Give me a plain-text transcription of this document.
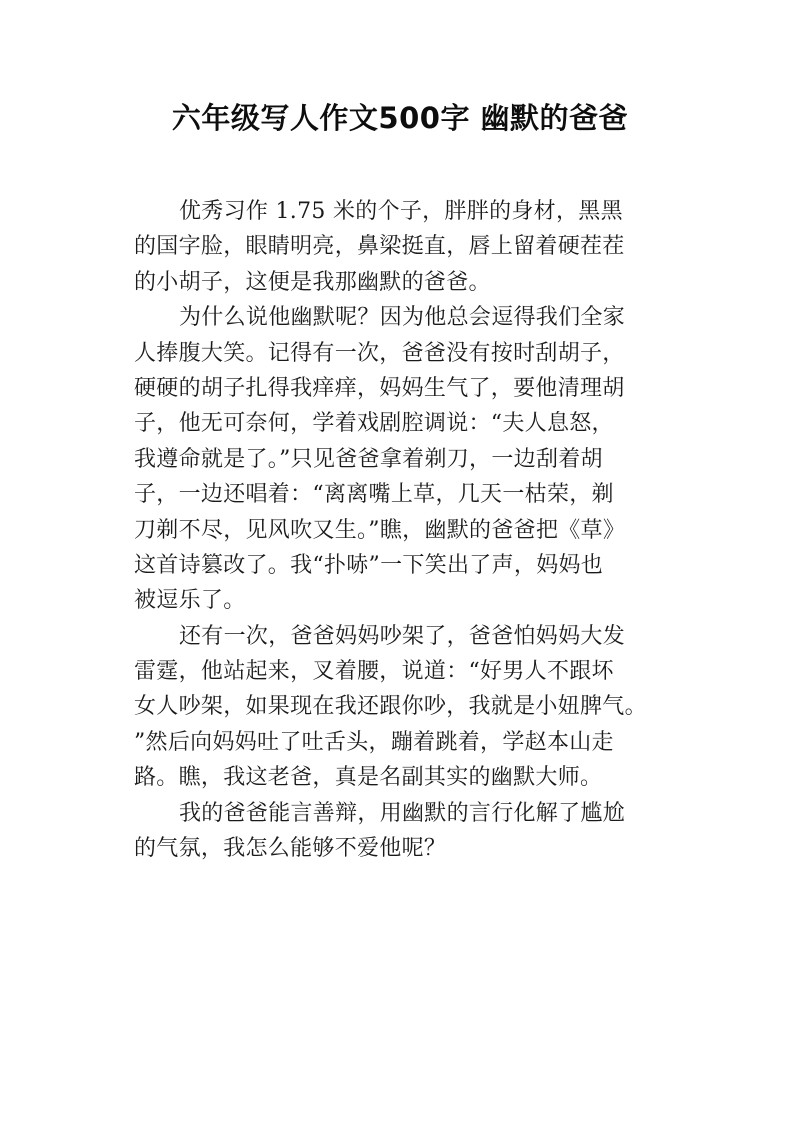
六年级写人作文500字 幽默的爸爸
优秀习作 1.75 米的个子，胖胖的身材，黑黑
的国字脸，眼睛明亮，鼻梁挺直，唇上留着硬茬茬
的小胡子，这便是我那幽默的爸爸。
为什么说他幽默呢？因为他总会逗得我们全家
人捧腹大笑。记得有一次，爸爸没有按时刮胡子，
硬硬的胡子扎得我痒痒，妈妈生气了，要他清理胡
子，他无可奈何，学着戏剧腔调说：“夫人息怒，
我遵命就是了。”只见爸爸拿着剃刀，一边刮着胡
子，一边还唱着：“离离嘴上草，几天一枯荣，剃
刀剃不尽，见风吹又生。”瞧，幽默的爸爸把《草》
这首诗篡改了。我“扑哧”一下笑出了声，妈妈也
被逗乐了。
还有一次，爸爸妈妈吵架了，爸爸怕妈妈大发
雷霆，他站起来，叉着腰，说道：“好男人不跟坏
女人吵架，如果现在我还跟你吵，我就是小妞脾气。
”然后向妈妈吐了吐舌头，蹦着跳着，学赵本山走
路。瞧，我这老爸，真是名副其实的幽默大师。
我的爸爸能言善辩，用幽默的言行化解了尴尬
的气氛，我怎么能够不爱他呢？
